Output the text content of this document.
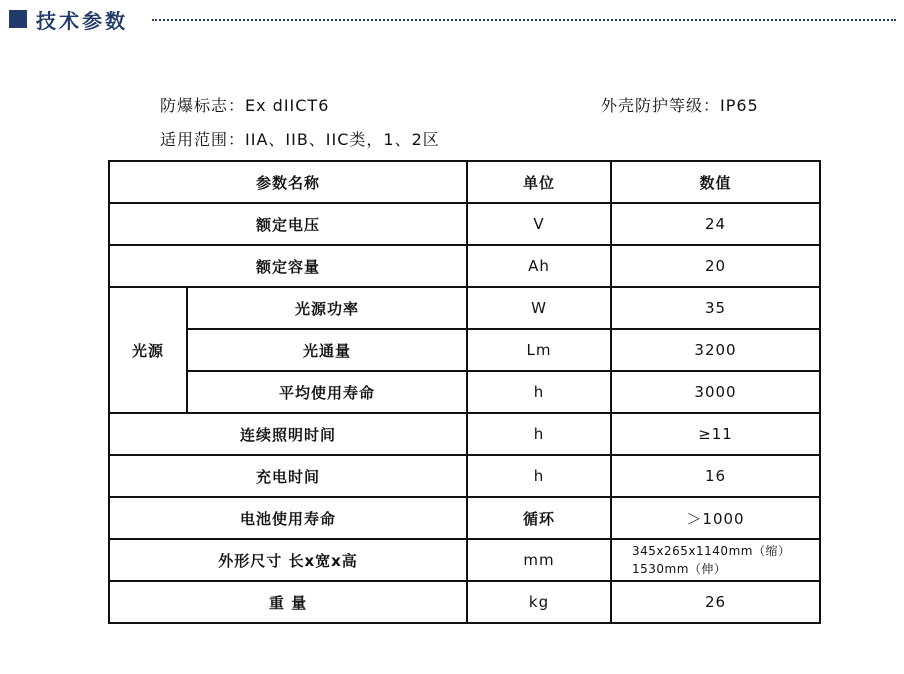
技术参数
防爆标志：Ex dIICT6	外壳防护等级：IP65
适用范围：IIA、IIB、IIC类，1、2区
参数名称		单位	数值
额定电压		V	24
额定容量		Ah	20
光源	光源功率	W	35
	光通量	Lm	3200
	平均使用寿命	h	3000
连续照明时间		h	≥11
充电时间		h	16
电池使用寿命		循环	＞1000
外形尺寸 长x宽x高		mm	345x265x1140mm（缩）
1530mm（伸）

重 量		kg	26
